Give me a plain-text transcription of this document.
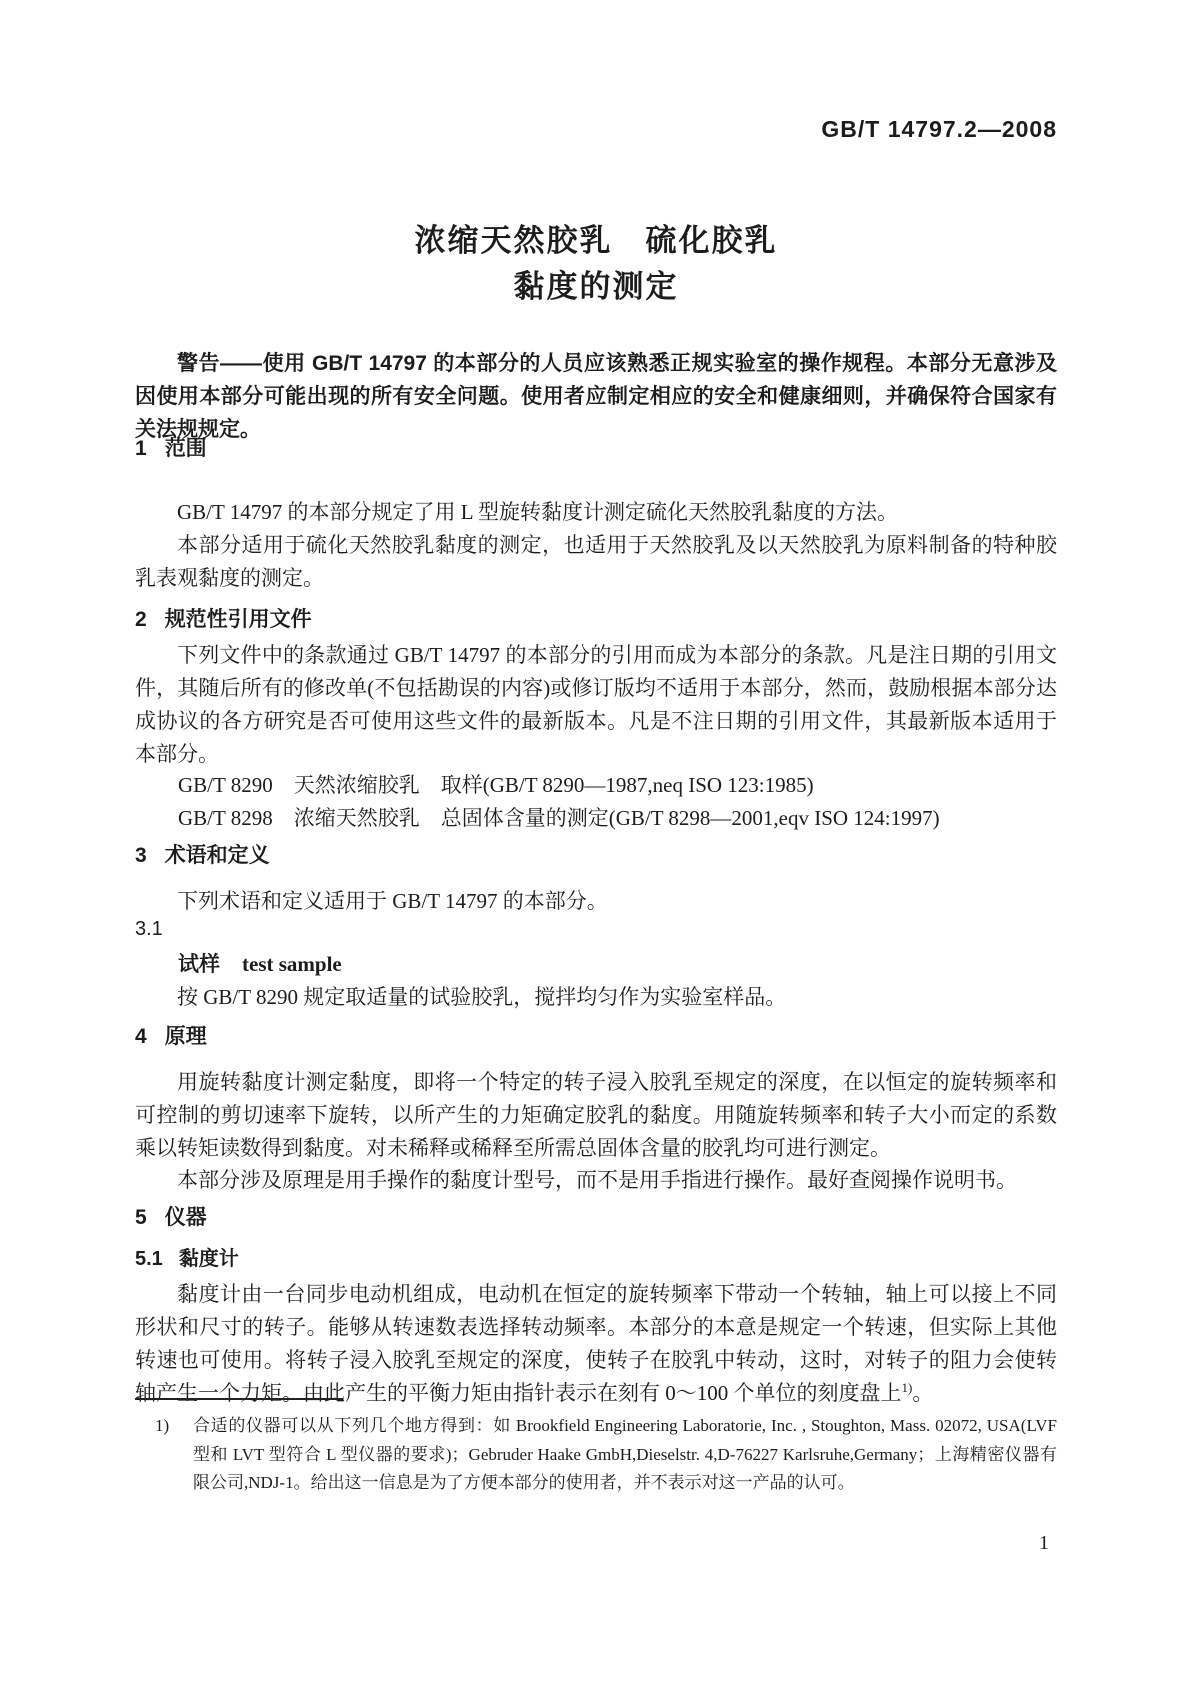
GB/T 14797.2—2008
浓缩天然胶乳　硫化胶乳
黏度的测定

警告——使用 GB/T 14797 的本部分的人员应该熟悉正规实验室的操作规程。本部分无意涉及因使用本部分可能出现的所有安全问题。使用者应制定相应的安全和健康细则，并确保符合国家有关法规规定。

1 范围

GB/T 14797 的本部分规定了用 L 型旋转黏度计测定硫化天然胶乳黏度的方法。

本部分适用于硫化天然胶乳黏度的测定，也适用于天然胶乳及以天然胶乳为原料制备的特种胶乳表观黏度的测定。

2 规范性引用文件

下列文件中的条款通过 GB/T 14797 的本部分的引用而成为本部分的条款。凡是注日期的引用文件，其随后所有的修改单(不包括勘误的内容)或修订版均不适用于本部分，然而，鼓励根据本部分达成协议的各方研究是否可使用这些文件的最新版本。凡是不注日期的引用文件，其最新版本适用于本部分。

GB/T 8290　天然浓缩胶乳　取样(GB/T 8290—1987,neq ISO 123:1985)

GB/T 8298　浓缩天然胶乳　总固体含量的测定(GB/T 8298—2001,eqv ISO 124:1997)

3 术语和定义

下列术语和定义适用于 GB/T 14797 的本部分。

3.1
试样 test sample

按 GB/T 8290 规定取适量的试验胶乳，搅拌均匀作为实验室样品。

4 原理

用旋转黏度计测定黏度，即将一个特定的转子浸入胶乳至规定的深度，在以恒定的旋转频率和可控制的剪切速率下旋转，以所产生的力矩确定胶乳的黏度。用随旋转频率和转子大小而定的系数乘以转矩读数得到黏度。对未稀释或稀释至所需总固体含量的胶乳均可进行测定。

本部分涉及原理是用手操作的黏度计型号，而不是用手指进行操作。最好查阅操作说明书。

5 仪器
5.1 黏度计

黏度计由一台同步电动机组成，电动机在恒定的旋转频率下带动一个转轴，轴上可以接上不同形状和尺寸的转子。能够从转速数表选择转动频率。本部分的本意是规定一个转速，但实际上其他转速也可使用。将转子浸入胶乳至规定的深度，使转子在胶乳中转动，这时，对转子的阻力会使转轴产生一个力矩。由此产生的平衡力矩由指针表示在刻有 0～100 个单位的刻度盘上$^{1)}$。

1)	合适的仪器可以从下列几个地方得到：如 Brookfield Engineering Laboratorie, Inc. , Stoughton, Mass. 02072, USA(LVF 型和 LVT 型符合 L 型仪器的要求)；Gebruder Haake GmbH,Dieselstr. 4,D-76227 Karlsruhe,Germany；上海精密仪器有限公司,NDJ-1。给出这一信息是为了方便本部分的使用者，并不表示对这一产品的认可。
1
